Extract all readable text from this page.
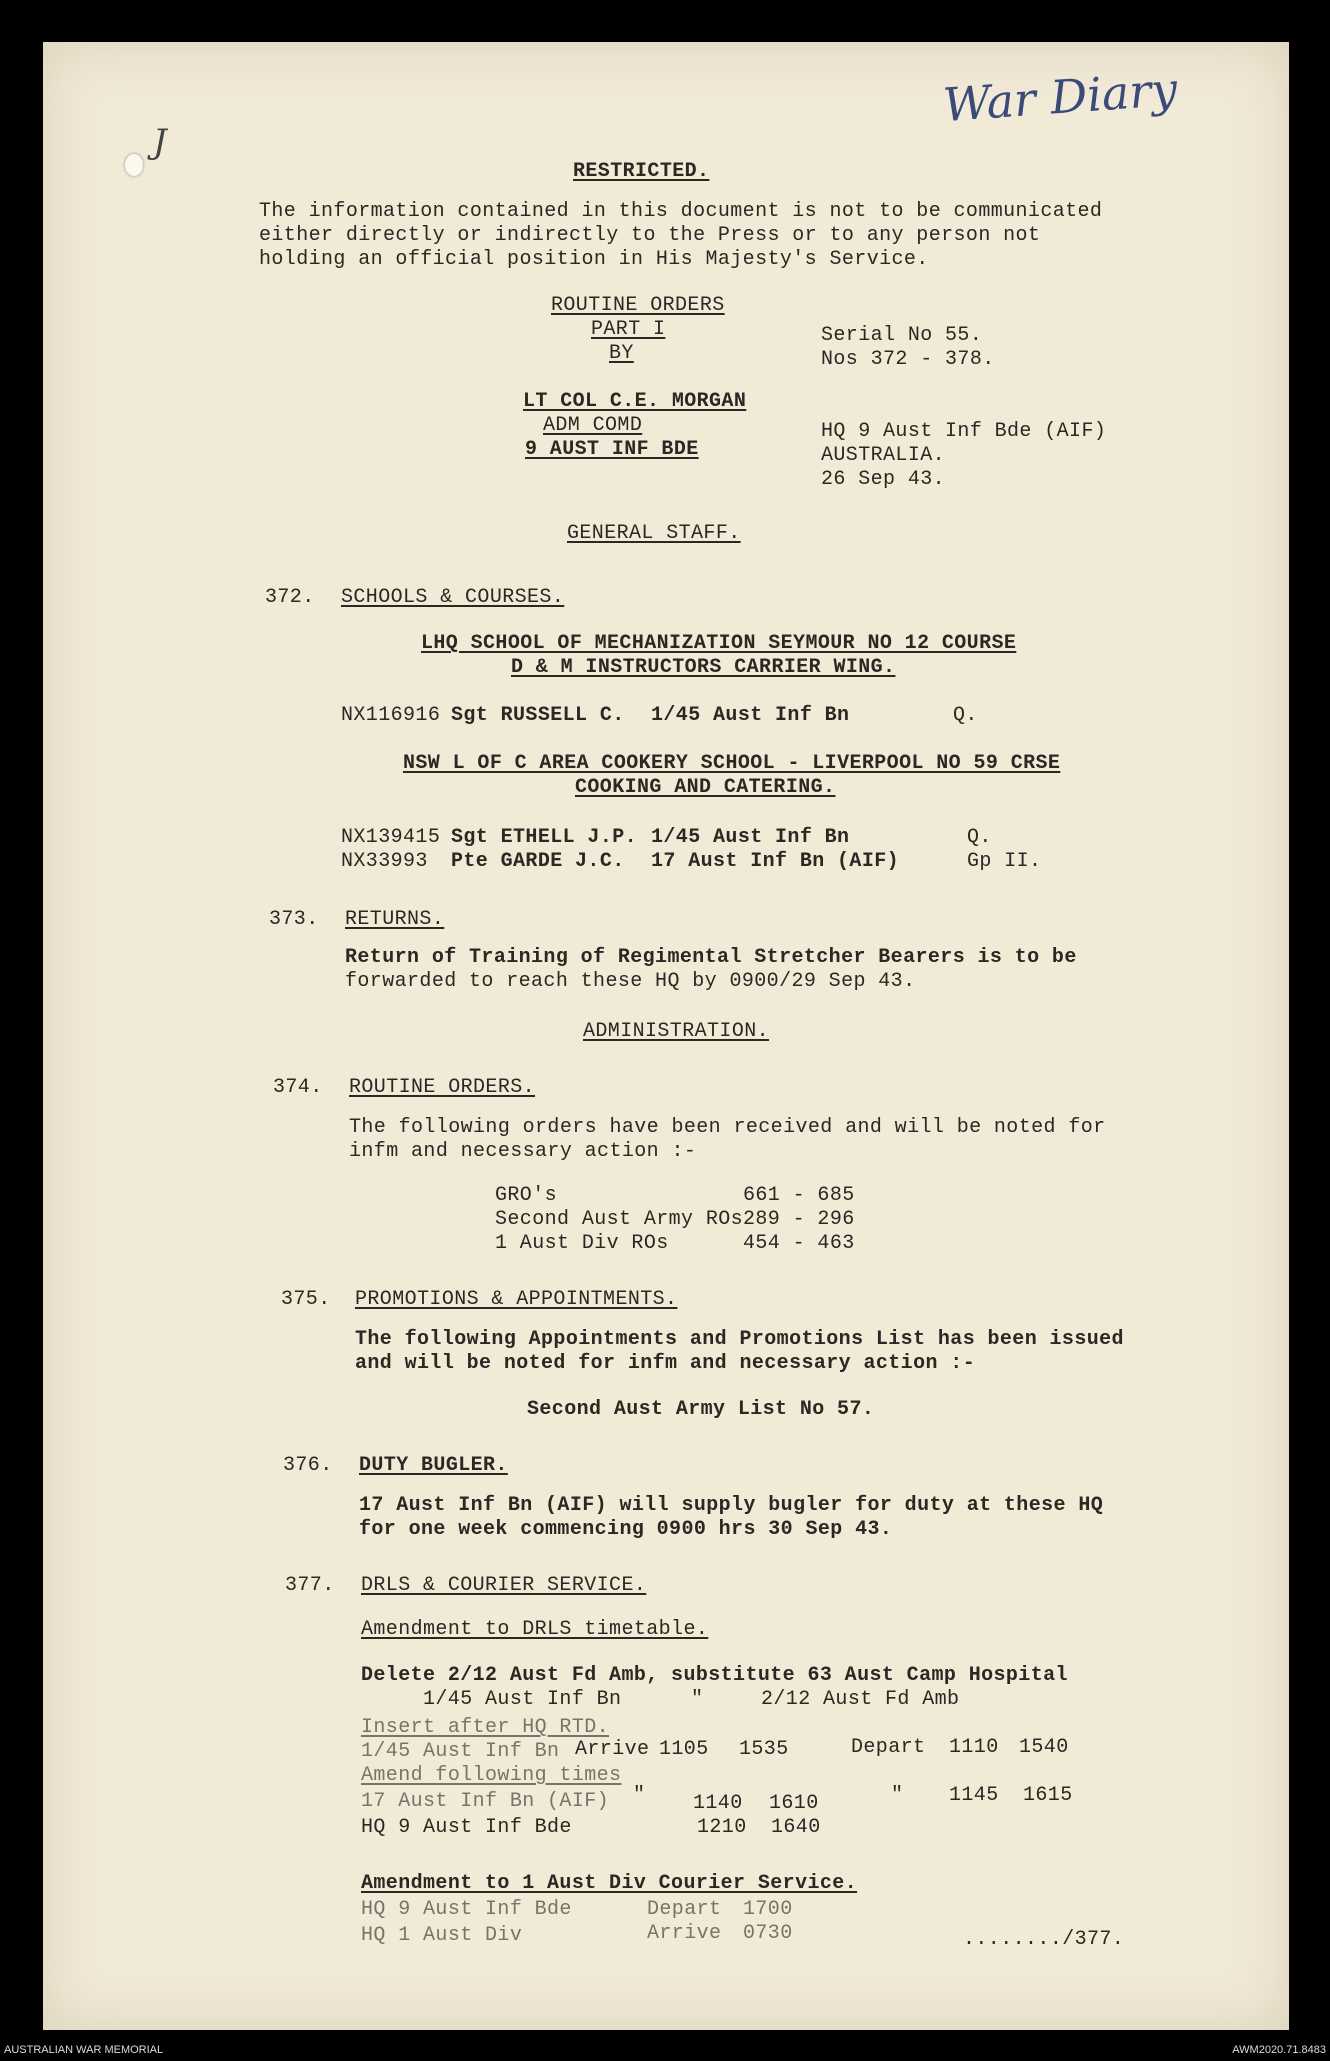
War Diary
J
RESTRICTED.
The information contained in this document is not to be communicated
either directly or indirectly to the Press or to any person not
holding an official position in His Majesty's Service.
ROUTINE ORDERS
PART I
BY
LT COL C.E. MORGAN
ADM COMD
9 AUST INF BDE
Serial No 55.
Nos 372 - 378.
HQ 9 Aust Inf Bde (AIF)
AUSTRALIA.
26 Sep 43.
GENERAL STAFF.
372. SCHOOLS & COURSES.
LHQ SCHOOL OF MECHANIZATION SEYMOUR NO 12 COURSE
D & M INSTRUCTORS CARRIER WING.
NX116916 Sgt RUSSELL C. 1/45 Aust Inf Bn	Q.
NSW L OF C AREA COOKERY SCHOOL - LIVERPOOL NO 59 CRSE
COOKING AND CATERING.
NX139415 Sgt ETHELL J.P. 1/45 Aust Inf Bn	Q.
NX33993 Pte GARDE J.C. 17 Aust Inf Bn (AIF)	Gp II.
373. RETURNS.
Return of Training of Regimental Stretcher Bearers is to be
forwarded to reach these HQ by 0900/29 Sep 43.
ADMINISTRATION.
374. ROUTINE ORDERS.
The following orders have been received and will be noted for
infm and necessary action :-
GRO's	661 - 685
Second Aust Army ROs 289 - 296
1 Aust Div ROs	454 - 463
375. PROMOTIONS & APPOINTMENTS.
The following Appointments and Promotions List has been issued
and will be noted for infm and necessary action :-
Second Aust Army List No 57.
376. DUTY BUGLER.
17 Aust Inf Bn (AIF) will supply bugler for duty at these HQ
for one week commencing 0900 hrs 30 Sep 43.
377. DRLS & COURIER SERVICE.
Amendment to DRLS timetable.
Delete 2/12 Aust Fd Amb, substitute 63 Aust Camp Hospital
1/45 Aust Inf Bn	"	2/12 Aust Fd Amb
Insert after HQ RTD.
1/45 Aust Inf Bn Arrive 1105 1535	Depart 1110 1540
Amend following times
17 Aust Inf Bn (AIF) " 1140 1610	" 1145 1615
HQ 9 Aust Inf Bde	1210 1640
Amendment to 1 Aust Div Courier Service.
HQ 9 Aust Inf Bde	Depart 1700
HQ 1 Aust Div	Arrive 0730	......../377.
AUSTRALIAN WAR MEMORIAL	AWM2020.71.8483
